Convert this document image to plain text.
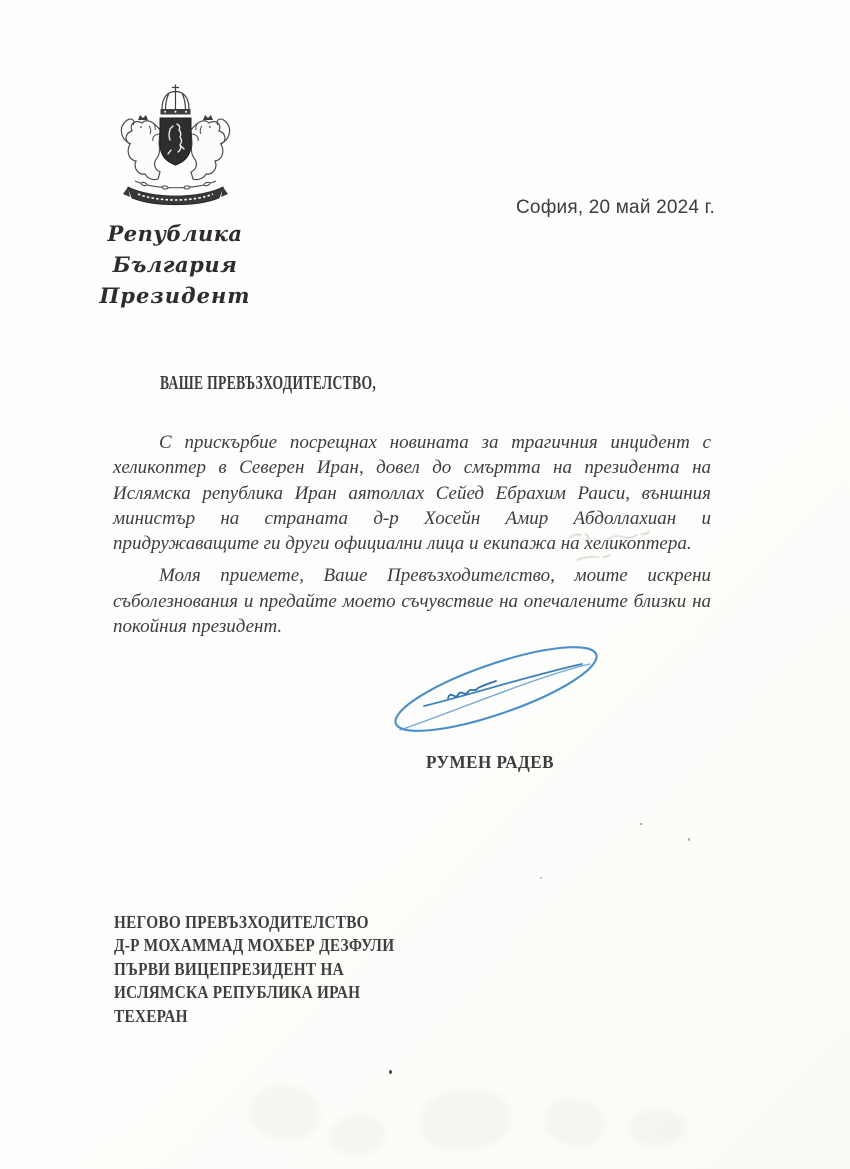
Република България
Президент
София, 20 май 2024 г.
ВАШЕ ПРЕВЪЗХОДИТЕЛСТВО,

С прискърбие посрещнах новината за трагичния инцидент с хеликоптер в Северен Иран, довел до смъртта на президента на Ислямска република Иран аятоллах Сейед Ебрахим Раиси, външния министър на страната д-р Хосейн Амир Абдоллахиан и придружаващите ги други официални лица и екипажа на хеликоптера.

Моля приемете, Ваше Превъзходителство, моите искрени съболезнования и предайте моето съчувствие на опечалените близки на покойния президент.

РУМЕН РАДЕВ
НЕГОВО ПРЕВЪЗХОДИТЕЛСТВО
Д-Р МОХАММАД МОХБЕР ДЕЗФУЛИ
ПЪРВИ ВИЦЕПРЕЗИДЕНТ НА
ИСЛЯМСКА РЕПУБЛИКА ИРАН
ТЕХЕРАН
